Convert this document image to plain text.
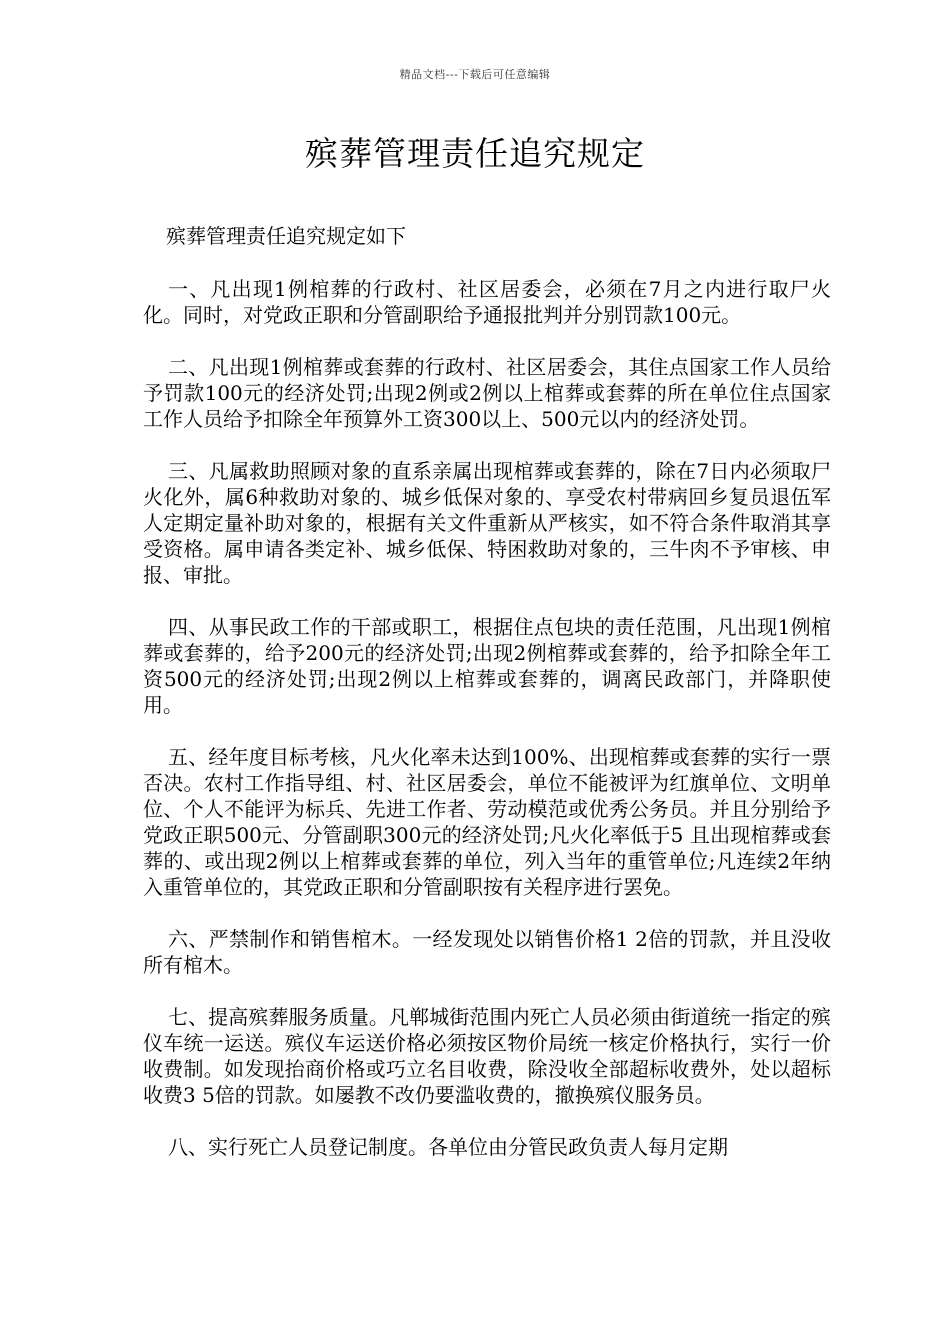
精品文档---下载后可任意编辑
殡葬管理责任追究规定

殡葬管理责任追究规定如下

一、凡出现1例棺葬的行政村、社区居委会，必须在7月之内进行取尸火化。同时，对党政正职和分管副职给予通报批判并分别罚款100元。

二、凡出现1例棺葬或套葬的行政村、社区居委会，其住点国家工作人员给予罚款100元的经济处罚;出现2例或2例以上棺葬或套葬的所在单位住点国家工作人员给予扣除全年预算外工资300以上、500元以内的经济处罚。

三、凡属救助照顾对象的直系亲属出现棺葬或套葬的，除在7日内必须取尸火化外，属6种救助对象的、城乡低保对象的、享受农村带病回乡复员退伍军人定期定量补助对象的，根据有关文件重新从严核实，如不符合条件取消其享受资格。属申请各类定补、城乡低保、特困救助对象的，三牛肉不予审核、申报、审批。

四、从事民政工作的干部或职工，根据住点包块的责任范围，凡出现1例棺葬或套葬的，给予200元的经济处罚;出现2例棺葬或套葬的，给予扣除全年工资500元的经济处罚;出现2例以上棺葬或套葬的，调离民政部门，并降职使用。

五、经年度目标考核，凡火化率未达到100%、出现棺葬或套葬的实行一票否决。农村工作指导组、村、社区居委会，单位不能被评为红旗单位、文明单位、个人不能评为标兵、先进工作者、劳动模范或优秀公务员。并且分别给予党政正职500元、分管副职300元的经济处罚;凡火化率低于5 且出现棺葬或套葬的、或出现2例以上棺葬或套葬的单位，列入当年的重管单位;凡连续2年纳入重管单位的，其党政正职和分管副职按有关程序进行罢免。

六、严禁制作和销售棺木。一经发现处以销售价格1 2倍的罚款，并且没收所有棺木。

七、提高殡葬服务质量。凡郸城街范围内死亡人员必须由街道统一指定的殡仪车统一运送。殡仪车运送价格必须按区物价局统一核定价格执行，实行一价收费制。如发现抬商价格或巧立名目收费，除没收全部超标收费外，处以超标收费3 5倍的罚款。如屡教不改仍要滥收费的，撤换殡仪服务员。

八、实行死亡人员登记制度。各单位由分管民政负责人每月定期
